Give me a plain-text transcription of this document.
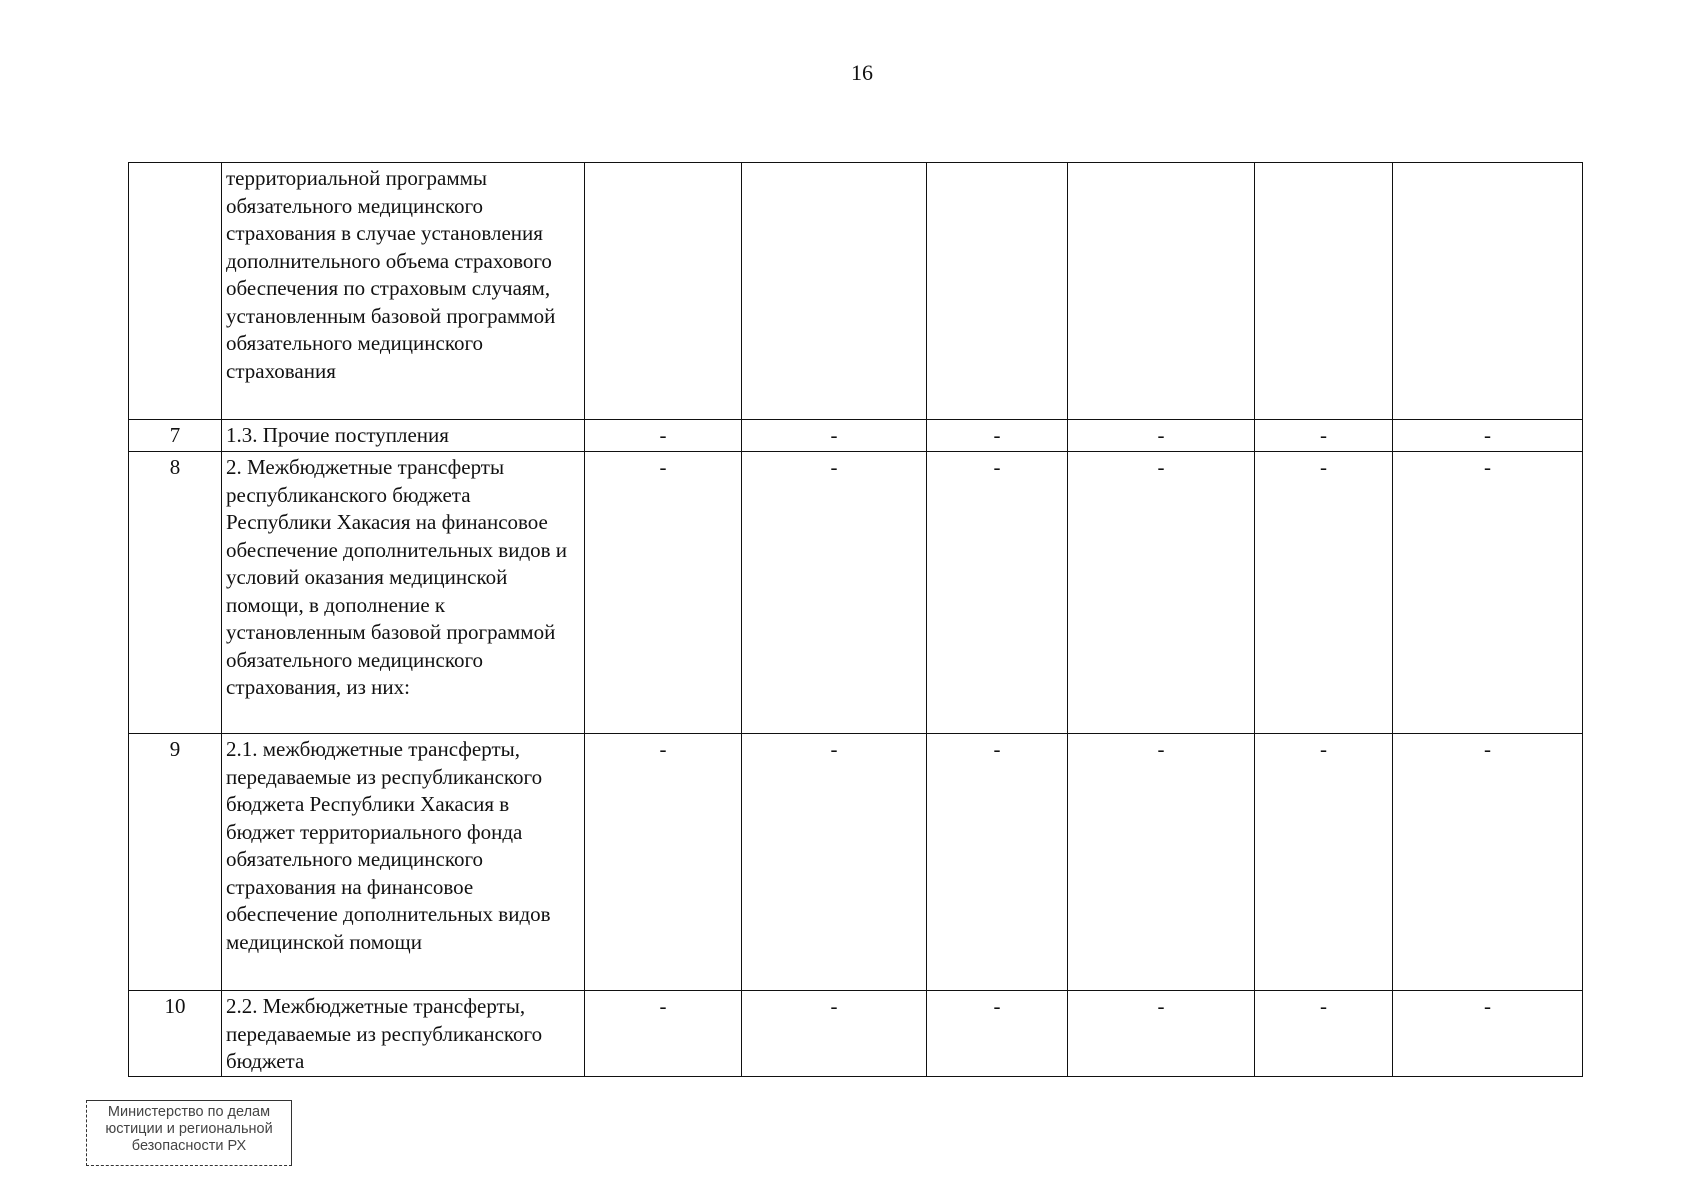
16
	территориальной программы обязательного медицинского страхования в случае установления дополнительного объема страхового обеспечения по страховым случаям, установленным базовой программой обязательного медицинского страхования						
7	1.3. Прочие поступления	-	-	-	-	-	-
8	2. Межбюджетные трансферты республиканского бюджета Республики Хакасия на финансовое обеспечение дополнительных видов и условий оказания медицинской помощи, в дополнение к установленным базовой программой обязательного медицинского страхования, из них:	-	-	-	-	-	-
9	2.1. межбюджетные трансферты, передаваемые из республиканского бюджета Республики Хакасия в бюджет территориального фонда обязательного медицинского страхования на финансовое обеспечение дополнительных видов медицинской помощи	-	-	-	-	-	-
10	2.2. Межбюджетные трансферты, передаваемые из республиканского бюджета	-	-	-	-	-	-
Министерство по делам
юстиции и региональной
безопасности РХ
